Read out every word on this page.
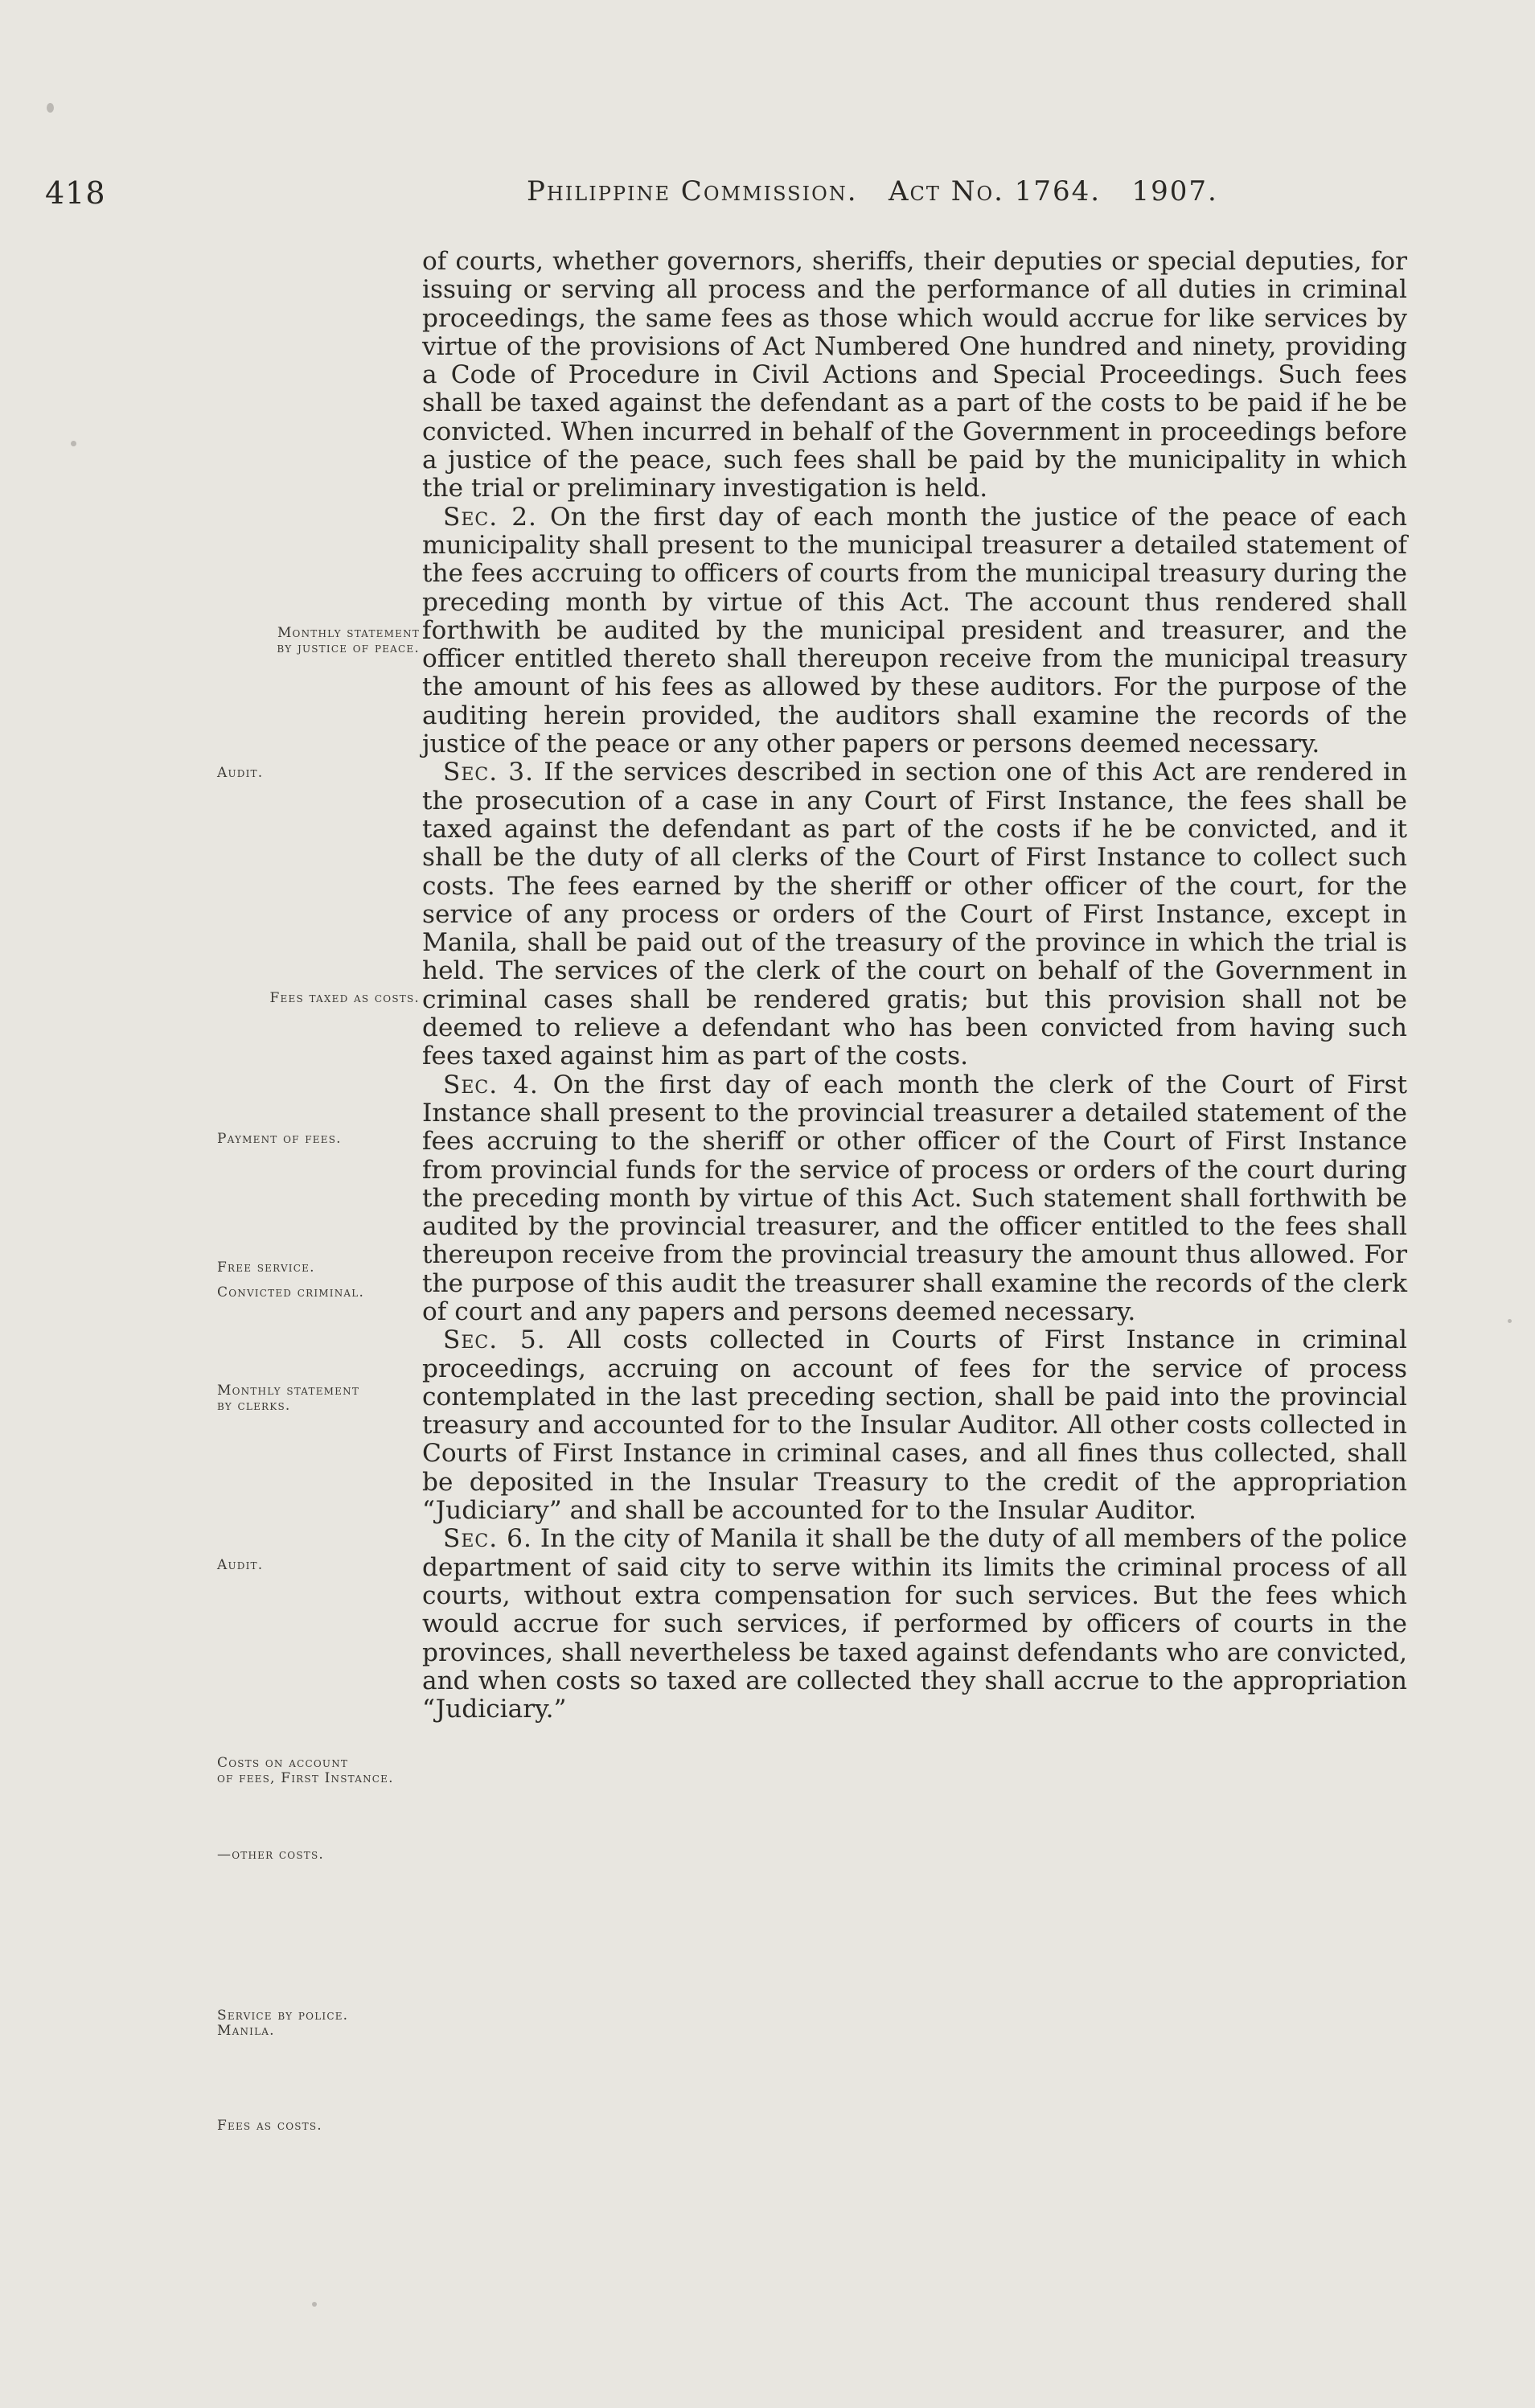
418	Philippine Commission.   Act No. 1764.   1907.
Monthly statement
by justice of peace.
Audit.
Fees taxed as costs.
Payment of fees.
Free service.
Convicted criminal.
Monthly statement
by clerks.
Audit.
Costs on account
of fees, First Instance.
—other costs.
Service by police.
Manila.
Fees as costs.

of courts, whether governors, sheriffs, their deputies or special deputies, for issuing or serving all process and the performance of all duties in criminal proceedings, the same fees as those which would accrue for like services by virtue of the provisions of Act Numbered One hundred and ninety, providing a Code of Procedure in Civil Actions and Special Proceedings. Such fees shall be taxed against the defendant as a part of the costs to be paid if he be convicted. When incurred in behalf of the Government in proceedings before a justice of the peace, such fees shall be paid by the municipality in which the trial or preliminary investigation is held.

Sec. 2. On the first day of each month the justice of the peace of each municipality shall present to the municipal treasurer a detailed statement of the fees accruing to officers of courts from the municipal treasury during the preceding month by virtue of this Act. The account thus rendered shall forthwith be audited by the municipal president and treasurer, and the officer entitled thereto shall thereupon receive from the municipal treasury the amount of his fees as allowed by these auditors. For the purpose of the auditing herein provided, the auditors shall examine the records of the justice of the peace or any other papers or persons deemed necessary.

Sec. 3. If the services described in section one of this Act are rendered in the prosecution of a case in any Court of First Instance, the fees shall be taxed against the defendant as part of the costs if he be convicted, and it shall be the duty of all clerks of the Court of First Instance to collect such costs. The fees earned by the sheriff or other officer of the court, for the service of any process or orders of the Court of First Instance, except in Manila, shall be paid out of the treasury of the province in which the trial is held. The services of the clerk of the court on behalf of the Government in criminal cases shall be rendered gratis; but this provision shall not be deemed to relieve a defendant who has been convicted from having such fees taxed against him as part of the costs.

Sec. 4. On the first day of each month the clerk of the Court of First Instance shall present to the provincial treasurer a detailed statement of the fees accruing to the sheriff or other officer of the Court of First Instance from provincial funds for the service of process or orders of the court during the preceding month by virtue of this Act. Such statement shall forthwith be audited by the provincial treasurer, and the officer entitled to the fees shall thereupon receive from the provincial treasury the amount thus allowed. For the purpose of this audit the treasurer shall examine the records of the clerk of court and any papers and persons deemed necessary.

Sec. 5. All costs collected in Courts of First Instance in criminal proceedings, accruing on account of fees for the service of process contemplated in the last preceding section, shall be paid into the provincial treasury and accounted for to the Insular Auditor. All other costs collected in Courts of First Instance in criminal cases, and all fines thus collected, shall be deposited in the Insular Treasury to the credit of the appropriation “Judiciary” and shall be accounted for to the Insular Auditor.

Sec. 6. In the city of Manila it shall be the duty of all members of the police department of said city to serve within its limits the criminal process of all courts, without extra compensation for such services. But the fees which would accrue for such services, if performed by officers of courts in the provinces, shall nevertheless be taxed against defendants who are convicted, and when costs so taxed are collected they shall accrue to the appropriation “Judiciary.”
